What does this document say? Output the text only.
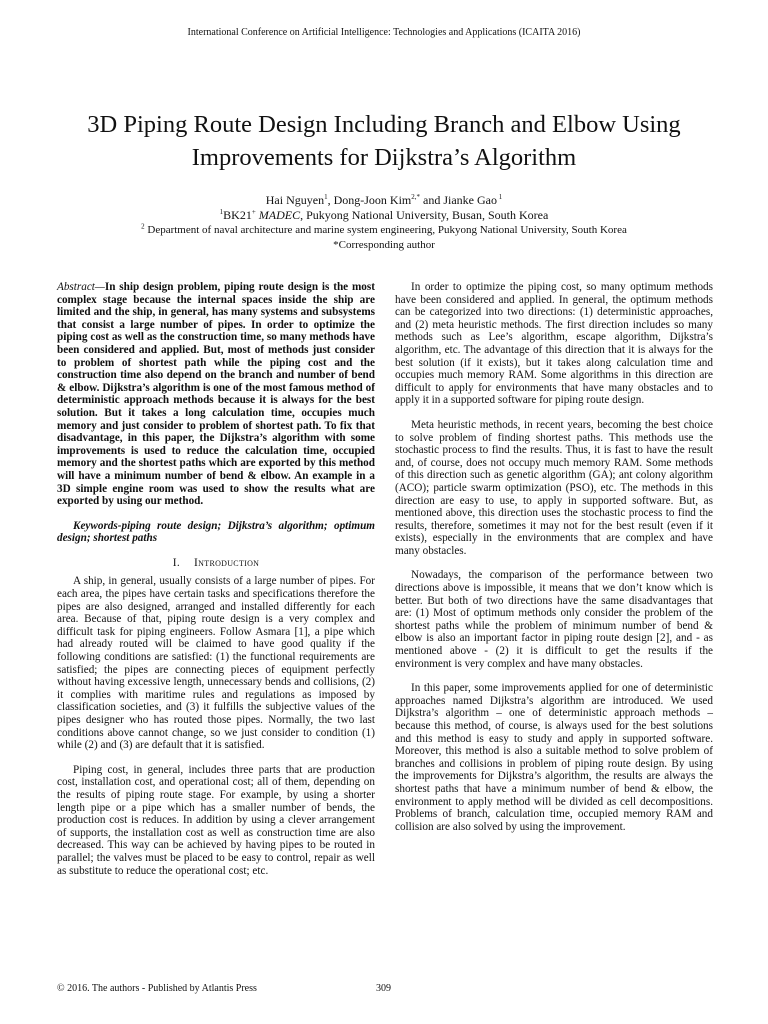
International Conference on Artificial Intelligence: Technologies and Applications (ICAITA 2016)
3D Piping Route Design Including Branch and Elbow Using Improvements for Dijkstra’s Algorithm
Hai Nguyen$^1$, Dong-Joon Kim$^{2,*}$ and Jianke Gao $^1$
$^1$BK21+ MADEC, Pukyong National University, Busan, South Korea
$^2$ Department of naval architecture and marine system engineering, Pukyong National University, South Korea
*Corresponding author

Abstract—In ship design problem, piping route design is the most complex stage because the internal spaces inside the ship are limited and the ship, in general, has many systems and subsystems that consist a large number of pipes. In order to optimize the piping cost as well as the construction time, so many methods have been considered and applied. But, most of methods just consider to problem of shortest path while the piping cost and the construction time also depend on the branch and number of bend & elbow. Dijkstra’s algorithm is one of the most famous method of deterministic approach methods because it is always for the best solution. But it takes a long calculation time, occupies much memory and just consider to problem of shortest path. To fix that disadvantage, in this paper, the Dijkstra’s algorithm with some improvements is used to reduce the calculation time, occupied memory and the shortest paths which are exported by this method will have a minimum number of bend & elbow. An example in a 3D simple engine room was used to show the results what are exported by using our method.

Keywords-piping route design; Dijkstra’s algorithm; optimum design; shortest paths

I. Introduction

A ship, in general, usually consists of a large number of pipes. For each area, the pipes have certain tasks and specifications therefore the pipes are also designed, arranged and installed differently for each area. Because of that, piping route design is a very complex and difficult task for piping engineers. Follow Asmara [1], a pipe which had already routed will be claimed to have good quality if the following conditions are satisfied: (1) the functional requirements are satisfied; the pipes are connecting pieces of equipment perfectly without having excessive length, unnecessary bends and collisions, (2) it complies with maritime rules and regulations as imposed by classification societies, and (3) it fulfills the subjective values of the pipes designer who has routed those pipes. Normally, the two last conditions above cannot change, so we just consider to condition (1) while (2) and (3) are default that it is satisfied.

Piping cost, in general, includes three parts that are production cost, installation cost, and operational cost; all of them, depending on the results of piping route stage. For example, by using a shorter length pipe or a pipe which has a smaller number of bends, the production cost is reduces. In addition by using a clever arrangement of supports, the installation cost as well as construction time are also decreased. This way can be achieved by having pipes to be routed in parallel; the valves must be placed to be easy to control, repair as well as substitute to reduce the operational cost; etc.

In order to optimize the piping cost, so many optimum methods have been considered and applied. In general, the optimum methods can be categorized into two directions: (1) deterministic approaches, and (2) meta heuristic methods. The first direction includes so many methods such as Lee’s algorithm, escape algorithm, Dijkstra’s algorithm, etc. The advantage of this direction that it is always for the best solution (if it exists), but it takes along calculation time and occupies much memory RAM. Some algorithms in this direction are difficult to apply for environments that have many obstacles and to apply it in a supported software for piping route design.

Meta heuristic methods, in recent years, becoming the best choice to solve problem of finding shortest paths. This methods use the stochastic process to find the results. Thus, it is fast to have the result and, of course, does not occupy much memory RAM. Some methods of this direction such as genetic algorithm (GA); ant colony algorithm (ACO); particle swarm optimization (PSO), etc. The methods in this direction are easy to use, to apply in supported software. But, as mentioned above, this direction uses the stochastic process to find the results, therefore, sometimes it may not for the best result (even if it exists), especially in the environments that are complex and have many obstacles.

Nowadays, the comparison of the performance between two directions above is impossible, it means that we don’t know which is better. But both of two directions have the same disadvantages that are: (1) Most of optimum methods only consider the problem of the shortest paths while the problem of minimum number of bend & elbow is also an important factor in piping route design [2], and - as mentioned above - (2) it is difficult to get the results if the environment is very complex and have many obstacles.

In this paper, some improvements applied for one of deterministic approaches named Dijkstra’s algorithm are introduced. We used Dijkstra’s algorithm – one of deterministic approach methods – because this method, of course, is always used for the best solutions and this method is easy to study and apply in supported software. Moreover, this method is also a suitable method to solve problem of branches and collisions in problem of piping route design. By using the improvements for Dijkstra’s algorithm, the results are always the shortest paths that have a minimum number of bend & elbow, the environment to apply method will be divided as cell decompositions. Problems of branch, calculation time, occupied memory RAM and collision are also solved by using the improvement.

© 2016. The authors - Published by Atlantis Press	309
